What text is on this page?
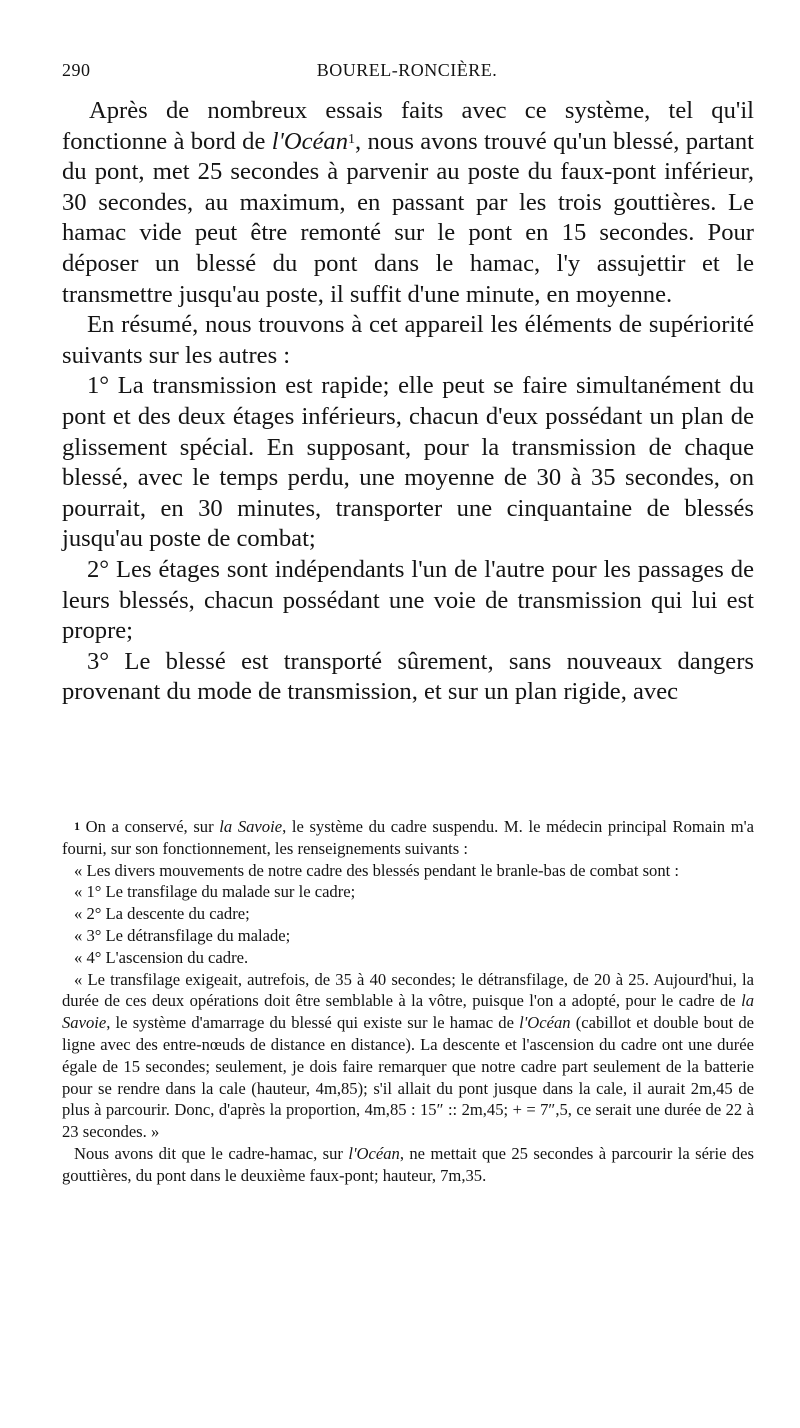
290	BOUREL-RONCIÈRE.

Après de nombreux essais faits avec ce système, tel qu'il fonctionne à bord de l'Océan$^1$, nous avons trouvé qu'un blessé, partant du pont, met 25 secondes à parvenir au poste du faux-pont inférieur, 30 secondes, au maximum, en passant par les trois gouttières. Le hamac vide peut être remonté sur le pont en 15 secondes. Pour déposer un blessé du pont dans le hamac, l'y assujettir et le transmettre jusqu'au poste, il suffit d'une minute, en moyenne.

En résumé, nous trouvons à cet appareil les éléments de supériorité suivants sur les autres :

1° La transmission est rapide; elle peut se faire simultanément du pont et des deux étages inférieurs, chacun d'eux possédant un plan de glissement spécial. En supposant, pour la transmission de chaque blessé, avec le temps perdu, une moyenne de 30 à 35 secondes, on pourrait, en 30 minutes, transporter une cinquantaine de blessés jusqu'au poste de combat;

2° Les étages sont indépendants l'un de l'autre pour les passages de leurs blessés, chacun possédant une voie de transmission qui lui est propre;

3° Le blessé est transporté sûrement, sans nouveaux dangers provenant du mode de transmission, et sur un plan rigide, avec

$^1$ On a conservé, sur la Savoie, le système du cadre suspendu. M. le médecin principal Romain m'a fourni, sur son fonctionnement, les renseignements suivants :

« Les divers mouvements de notre cadre des blessés pendant le branle-bas de combat sont :

« 1° Le transfilage du malade sur le cadre;

« 2° La descente du cadre;

« 3° Le détransfilage du malade;

« 4° L'ascension du cadre.

« Le transfilage exigeait, autrefois, de 35 à 40 secondes; le détransfilage, de 20 à 25. Aujourd'hui, la durée de ces deux opérations doit être semblable à la vôtre, puisque l'on a adopté, pour le cadre de la Savoie, le système d'amarrage du blessé qui existe sur le hamac de l'Océan (cabillot et double bout de ligne avec des entre-nœuds de distance en distance). La descente et l'ascension du cadre ont une durée égale de 15 secondes; seulement, je dois faire remarquer que notre cadre part seulement de la batterie pour se rendre dans la cale (hauteur, 4m,85); s'il allait du pont jusque dans la cale, il aurait 2m,45 de plus à parcourir. Donc, d'après la proportion, 4m,85 : 15″ :: 2m,45; + = 7″,5, ce serait une durée de 22 à 23 secondes. »

Nous avons dit que le cadre-hamac, sur l'Océan, ne mettait que 25 secondes à parcourir la série des gouttières, du pont dans le deuxième faux-pont; hauteur, 7m,35.
